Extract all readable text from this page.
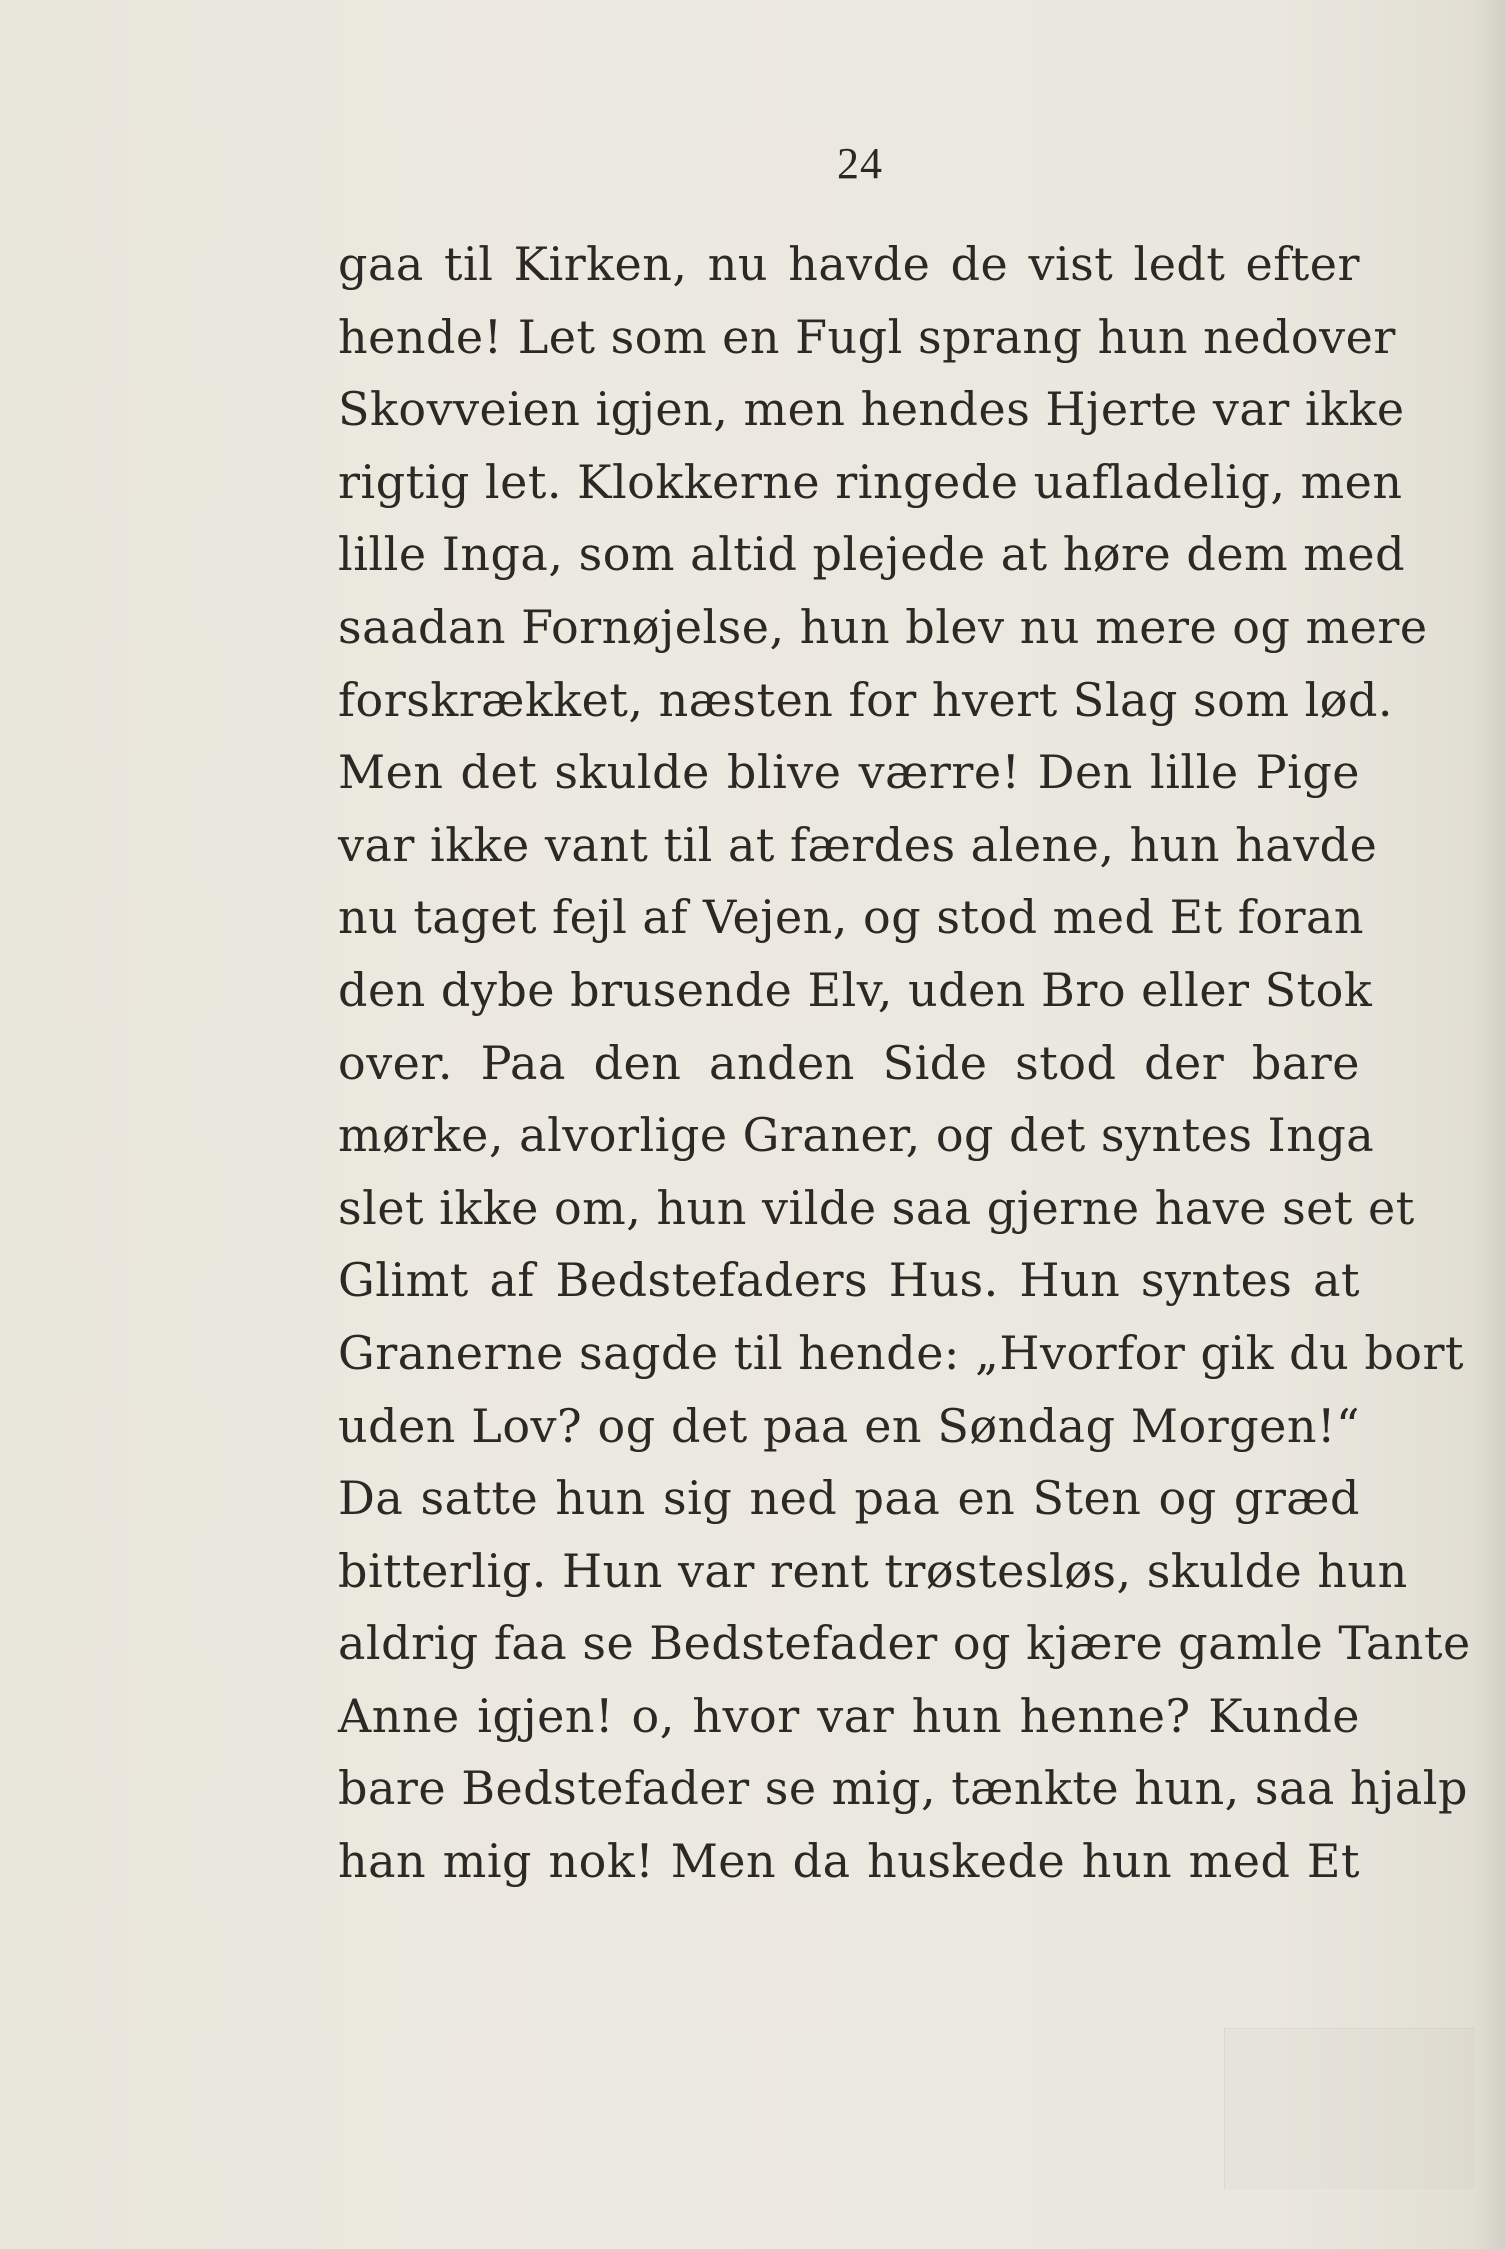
24
gaa til Kirken, nu havde de vist ledt efter
hende! Let som en Fugl sprang hun nedover
Skovveien igjen, men hendes Hjerte var ikke
rigtig let. Klokkerne ringede uafladelig, men
lille Inga, som altid plejede at høre dem med
saadan Fornøjelse, hun blev nu mere og mere
forskrækket, næsten for hvert Slag som lød.
Men det skulde blive værre! Den lille Pige
var ikke vant til at færdes alene, hun havde
nu taget fejl af Vejen, og stod med Et foran
den dybe brusende Elv, uden Bro eller Stok
over. Paa den anden Side stod der bare
mørke, alvorlige Graner, og det syntes Inga
slet ikke om, hun vilde saa gjerne have set et
Glimt af Bedstefaders Hus. Hun syntes at
Granerne sagde til hende: „Hvorfor gik du bort
uden Lov? og det paa en Søndag Morgen!“
Da satte hun sig ned paa en Sten og græd
bitterlig. Hun var rent trøstesløs, skulde hun
aldrig faa se Bedstefader og kjære gamle Tante
Anne igjen! o, hvor var hun henne? Kunde
bare Bedstefader se mig, tænkte hun, saa hjalp
han mig nok! Men da huskede hun med Et
